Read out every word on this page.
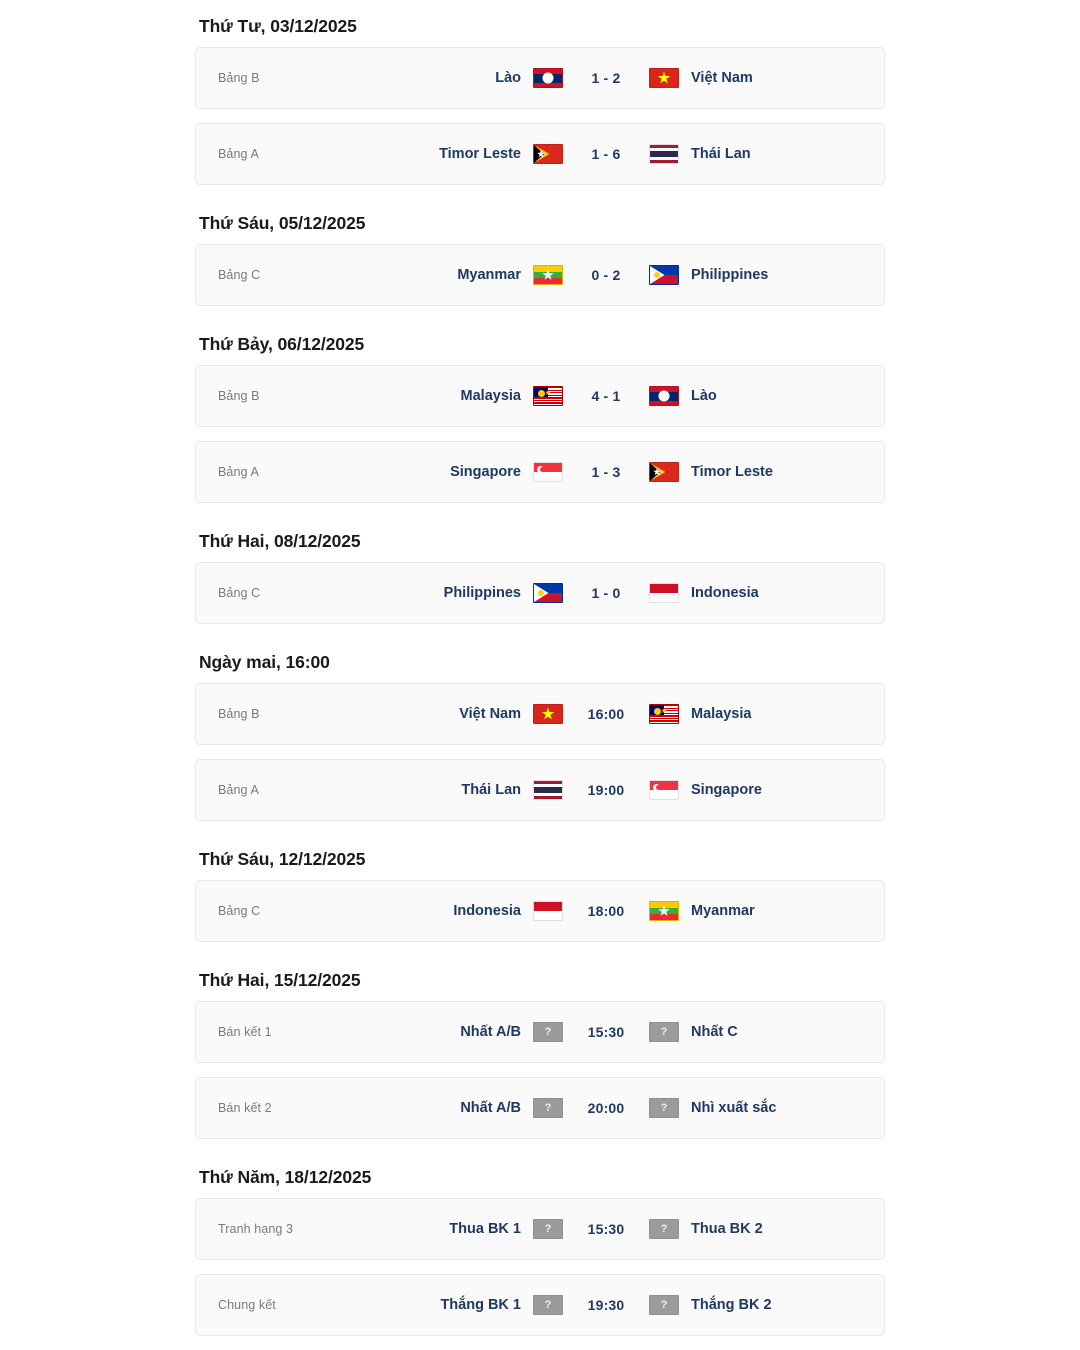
Thứ Tư, 03/12/2025
Bảng B	Lào	1 - 2	Việt Nam
Bảng A	Timor Leste	1 - 6	Thái Lan
Thứ Sáu, 05/12/2025
Bảng C	Myanmar	0 - 2	Philippines
Thứ Bảy, 06/12/2025
Bảng B	Malaysia	4 - 1	Lào
Bảng A	Singapore	1 - 3	Timor Leste
Thứ Hai, 08/12/2025
Bảng C	Philippines	1 - 0	Indonesia
Ngày mai, 16:00
Bảng B	Việt Nam	16:00	Malaysia
Bảng A	Thái Lan	19:00	Singapore
Thứ Sáu, 12/12/2025
Bảng C	Indonesia	18:00	Myanmar
Thứ Hai, 15/12/2025
Bán kết 1	Nhất A/B ?	15:30	? Nhất C
Bán kết 2	Nhất A/B ?	20:00	? Nhì xuất sắc
Thứ Năm, 18/12/2025
Tranh hạng 3	Thua BK 1 ?	15:30	? Thua BK 2
Chung kết	Thắng BK 1 ?	19:30	? Thắng BK 2
